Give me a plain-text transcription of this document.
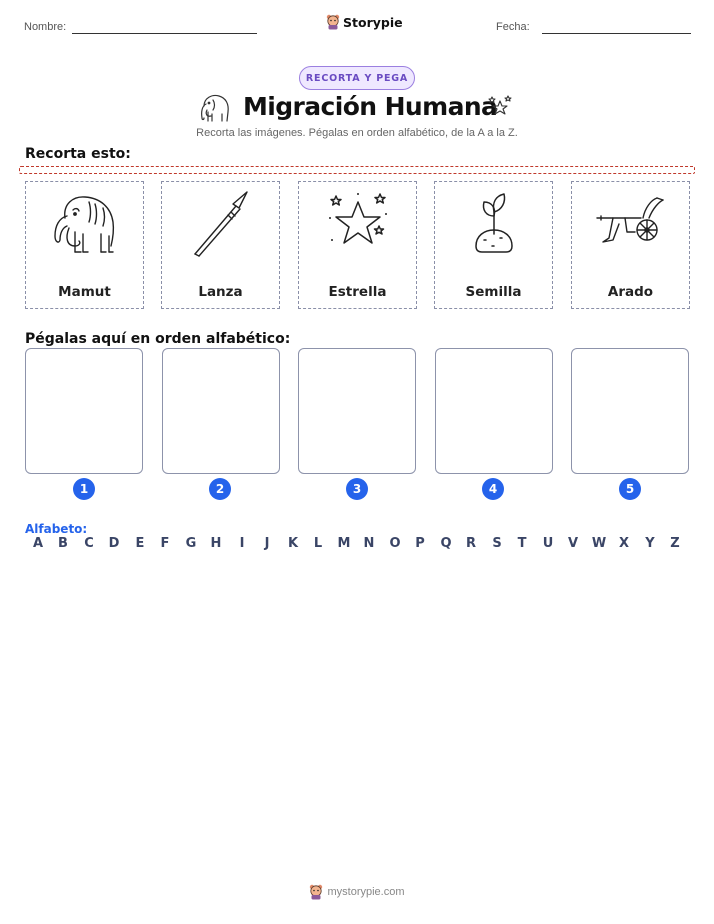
Nombre:	Storypie	Fecha:
RECORTA Y PEGA
Migración Humana
Recorta las imágenes. Pégalas en orden alfabético, de la A a la Z.
Recorta esto:
Mamut	Lanza	Estrella	Semilla	Arado
Pégalas aquí en orden alfabético:
1	2	3	4	5
Alfabeto:
A	B	C	D	E	F	G	H	I	J	K	L	M	N	O	P	Q	R	S	T	U	V	W X	Y	Z
mystorypie.com
